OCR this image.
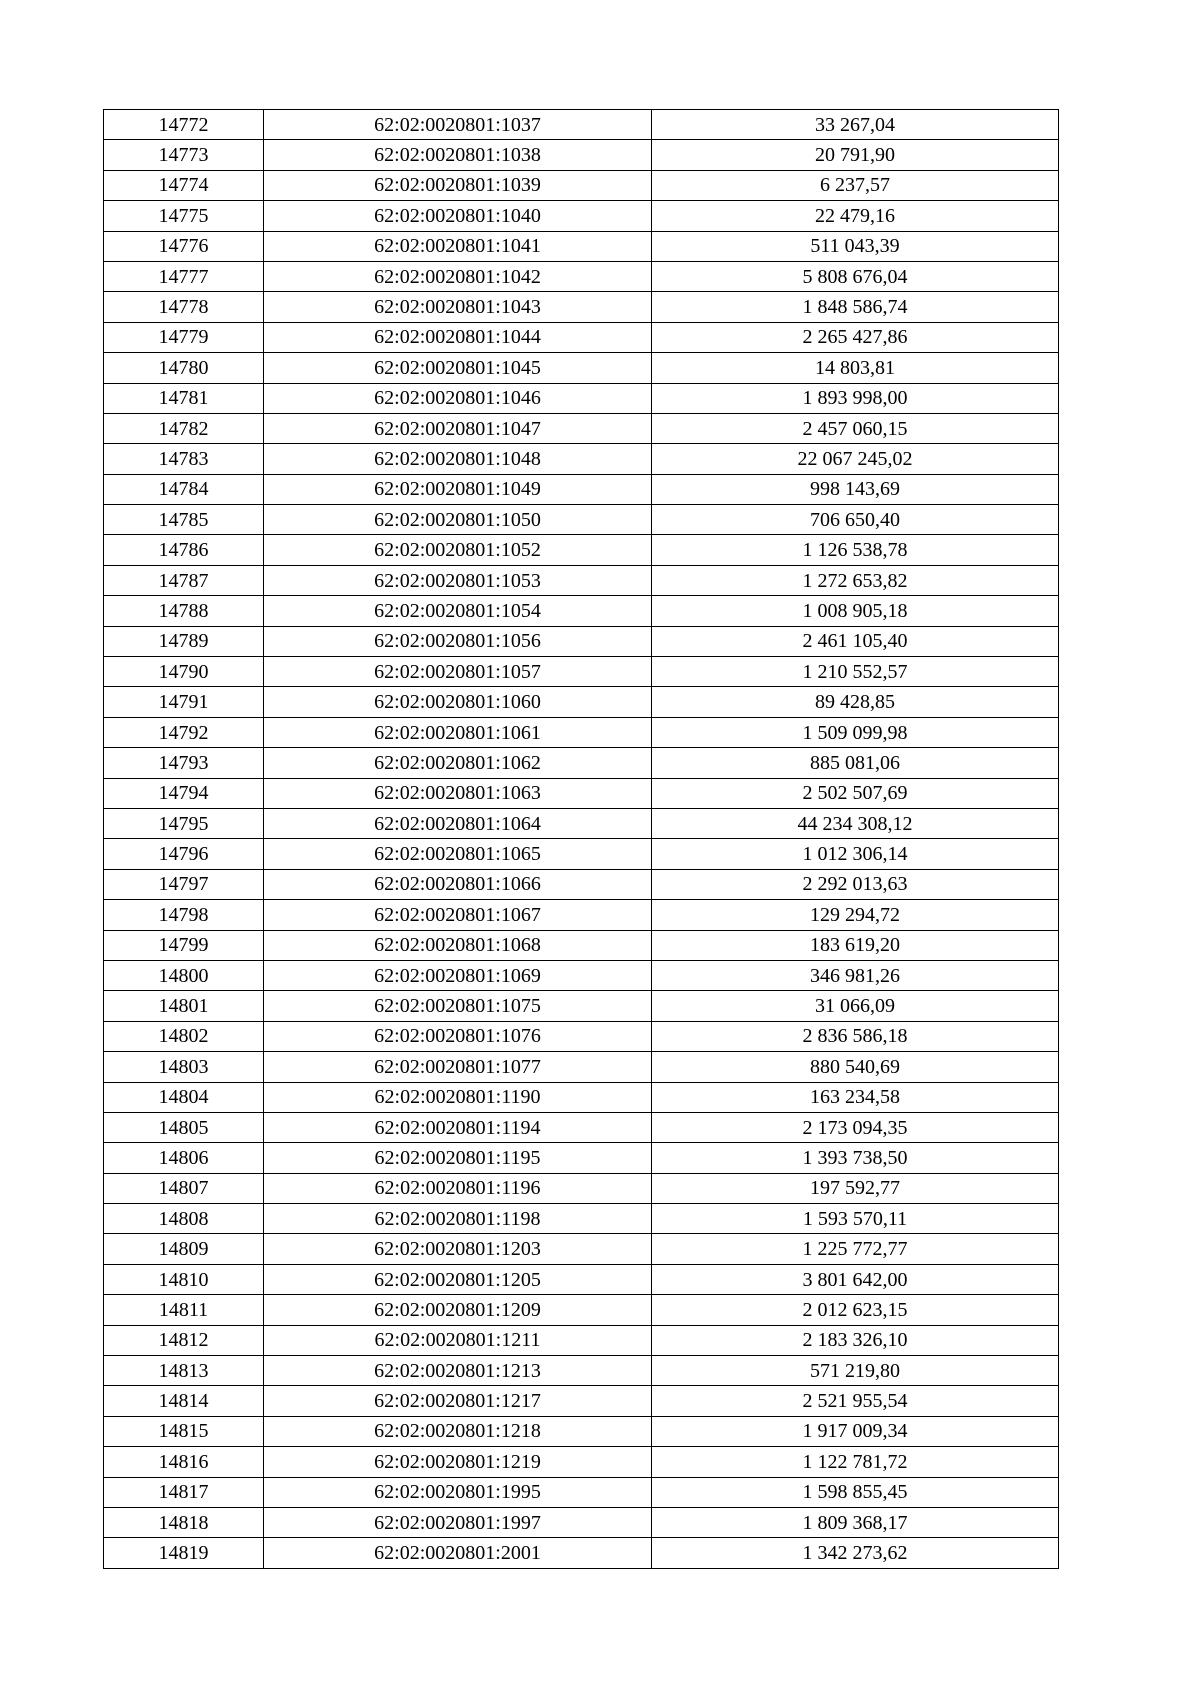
14772	62:02:0020801:1037	33 267,04
14773	62:02:0020801:1038	20 791,90
14774	62:02:0020801:1039	6 237,57
14775	62:02:0020801:1040	22 479,16
14776	62:02:0020801:1041	511 043,39
14777	62:02:0020801:1042	5 808 676,04
14778	62:02:0020801:1043	1 848 586,74
14779	62:02:0020801:1044	2 265 427,86
14780	62:02:0020801:1045	14 803,81
14781	62:02:0020801:1046	1 893 998,00
14782	62:02:0020801:1047	2 457 060,15
14783	62:02:0020801:1048	22 067 245,02
14784	62:02:0020801:1049	998 143,69
14785	62:02:0020801:1050	706 650,40
14786	62:02:0020801:1052	1 126 538,78
14787	62:02:0020801:1053	1 272 653,82
14788	62:02:0020801:1054	1 008 905,18
14789	62:02:0020801:1056	2 461 105,40
14790	62:02:0020801:1057	1 210 552,57
14791	62:02:0020801:1060	89 428,85
14792	62:02:0020801:1061	1 509 099,98
14793	62:02:0020801:1062	885 081,06
14794	62:02:0020801:1063	2 502 507,69
14795	62:02:0020801:1064	44 234 308,12
14796	62:02:0020801:1065	1 012 306,14
14797	62:02:0020801:1066	2 292 013,63
14798	62:02:0020801:1067	129 294,72
14799	62:02:0020801:1068	183 619,20
14800	62:02:0020801:1069	346 981,26
14801	62:02:0020801:1075	31 066,09
14802	62:02:0020801:1076	2 836 586,18
14803	62:02:0020801:1077	880 540,69
14804	62:02:0020801:1190	163 234,58
14805	62:02:0020801:1194	2 173 094,35
14806	62:02:0020801:1195	1 393 738,50
14807	62:02:0020801:1196	197 592,77
14808	62:02:0020801:1198	1 593 570,11
14809	62:02:0020801:1203	1 225 772,77
14810	62:02:0020801:1205	3 801 642,00
14811	62:02:0020801:1209	2 012 623,15
14812	62:02:0020801:1211	2 183 326,10
14813	62:02:0020801:1213	571 219,80
14814	62:02:0020801:1217	2 521 955,54
14815	62:02:0020801:1218	1 917 009,34
14816	62:02:0020801:1219	1 122 781,72
14817	62:02:0020801:1995	1 598 855,45
14818	62:02:0020801:1997	1 809 368,17
14819	62:02:0020801:2001	1 342 273,62
